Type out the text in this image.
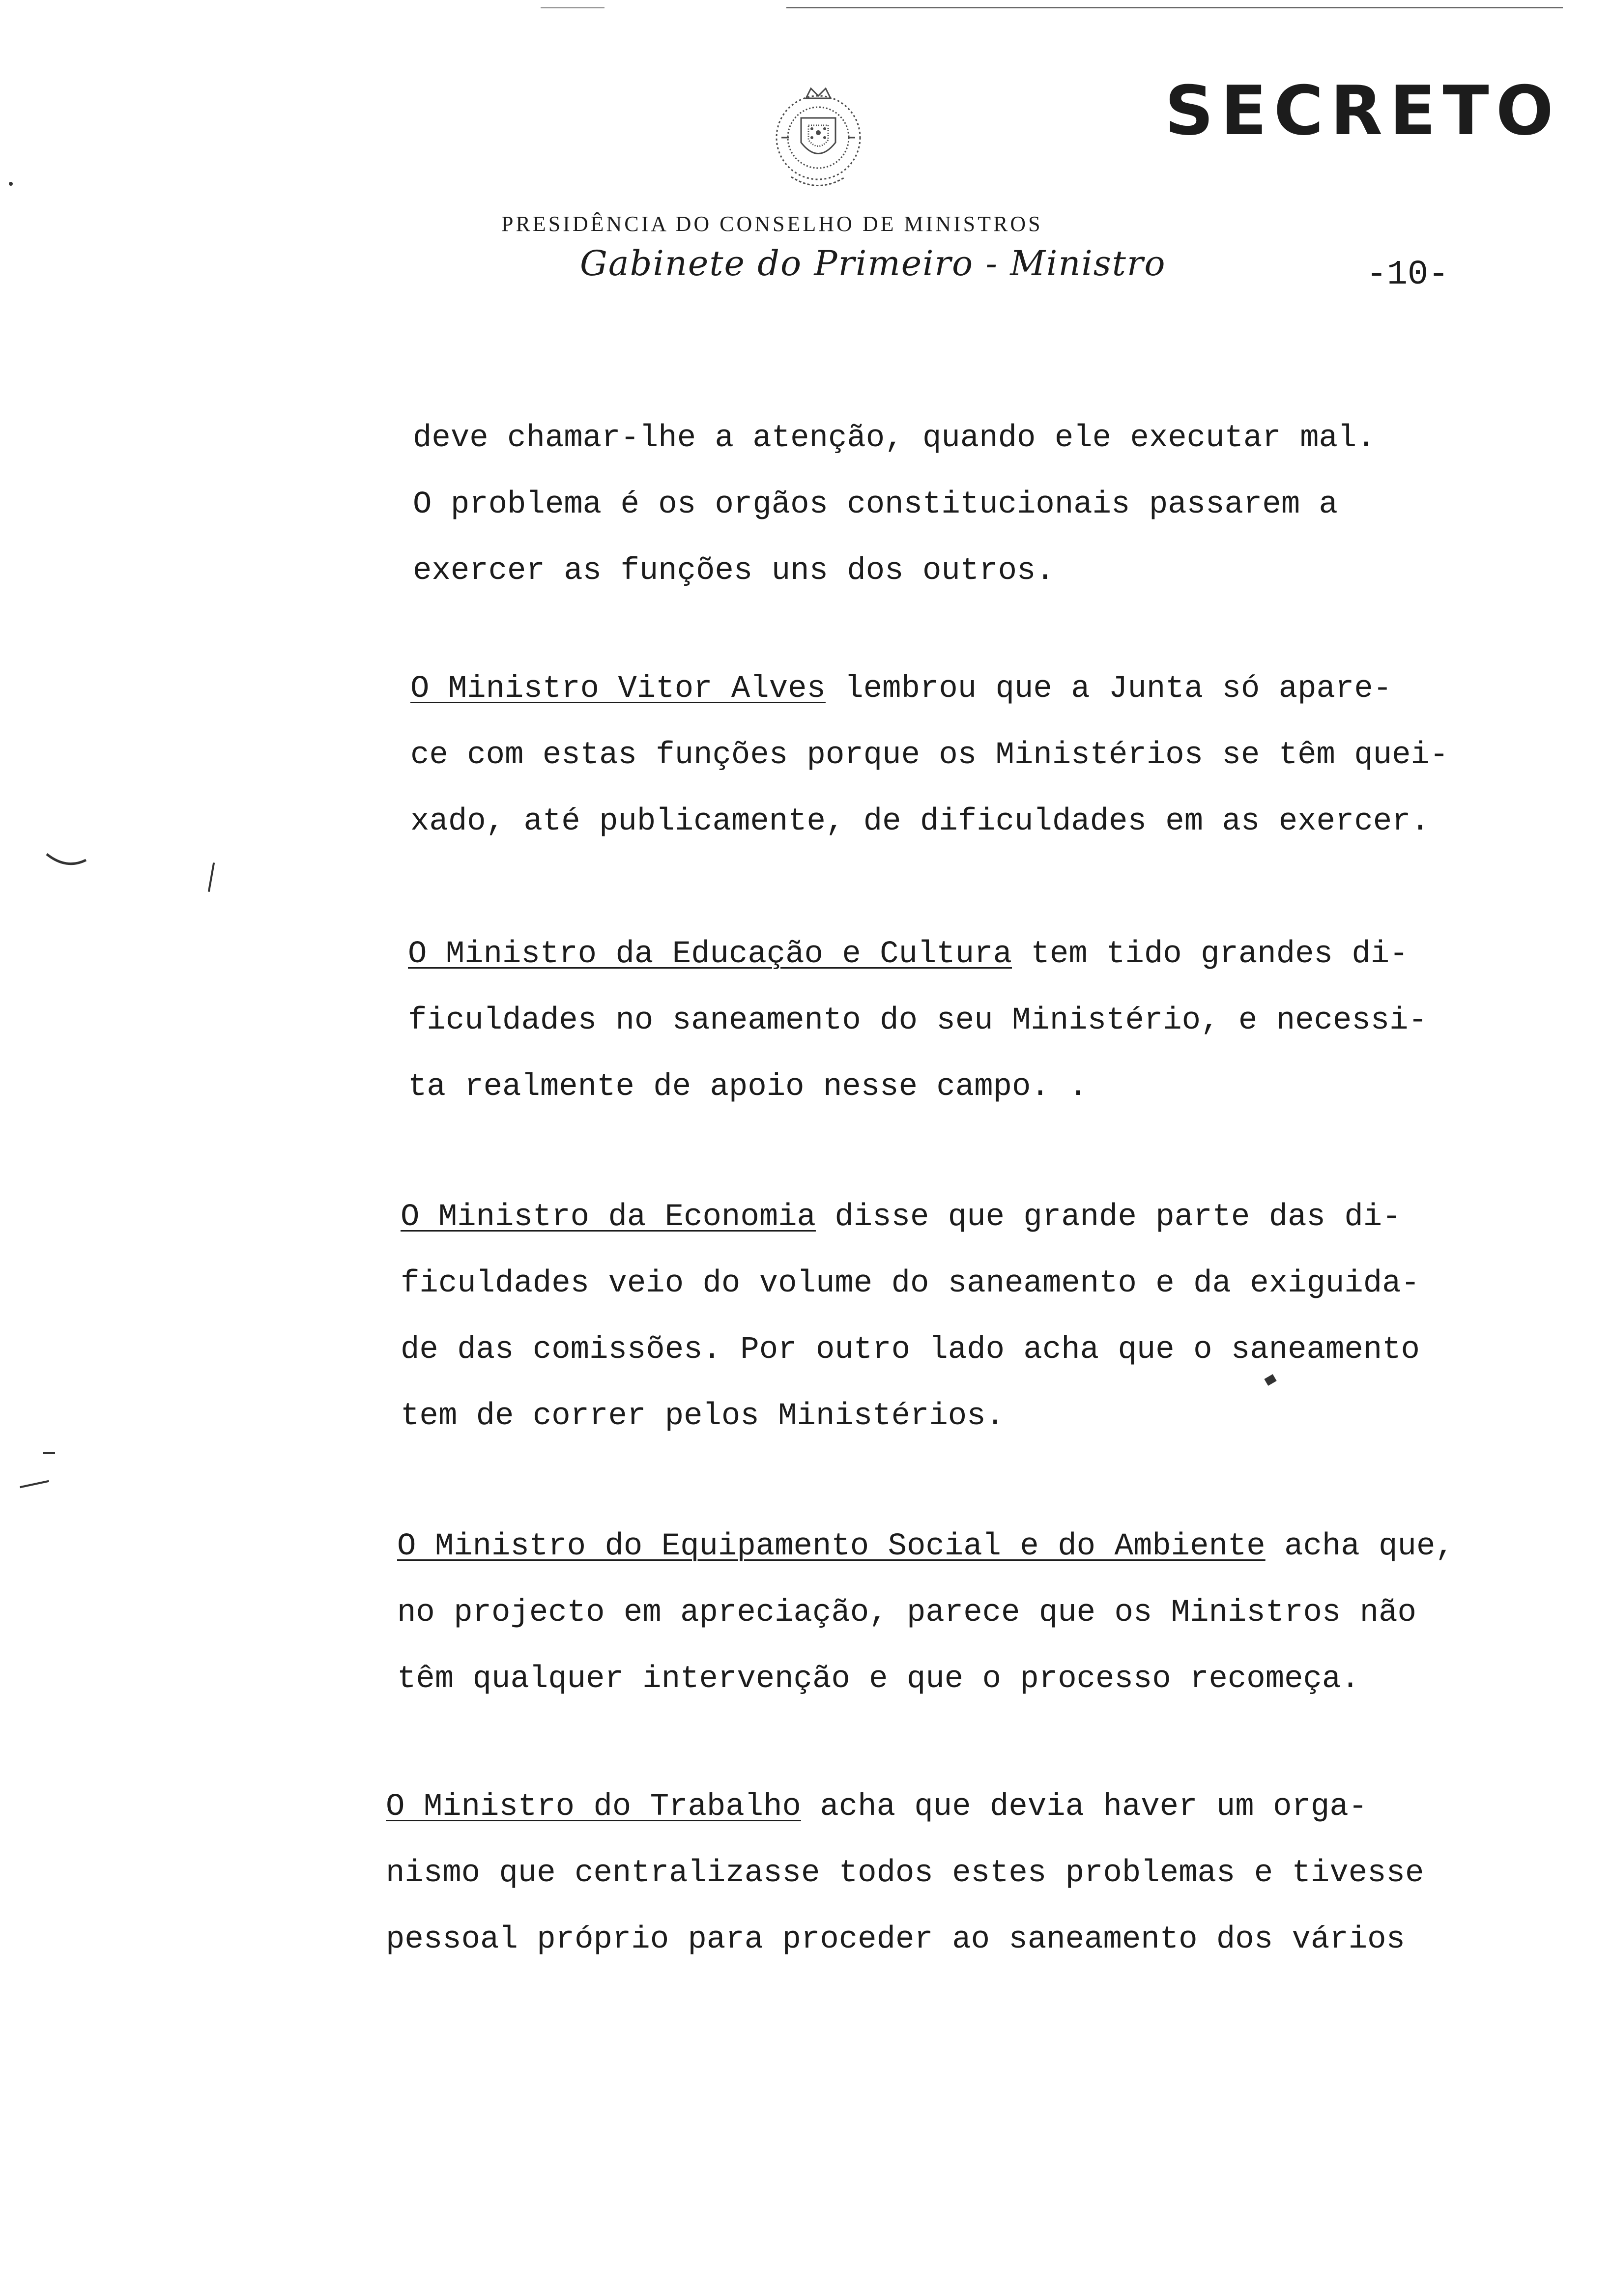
SECRETO
PRESIDÊNCIA DO CONSELHO DE MINISTROS
Gabinete do Primeiro - Ministro	-10-
deve chamar-lhe a atenção, quando ele executar mal.
O problema é os orgãos constitucionais passarem a
exercer as funções uns dos outros.
O Ministro Vitor Alves lembrou que a Junta só apare-
ce com estas funções porque os Ministérios se têm quei-
xado, até publicamente, de dificuldades em as exercer.
O Ministro da Educação e Cultura tem tido grandes di-
ficuldades no saneamento do seu Ministério, e necessi-
ta realmente de apoio nesse campo. .
O Ministro da Economia disse que grande parte das di-
ficuldades veio do volume do saneamento e da exiguida-
de das comissões. Por outro lado acha que o saneamento
tem de correr pelos Ministérios.
O Ministro do Equipamento Social e do Ambiente acha que,
no projecto em apreciação, parece que os Ministros não
têm qualquer intervenção e que o processo recomeça.
O Ministro do Trabalho acha que devia haver um orga-
nismo que centralizasse todos estes problemas e tivesse
pessoal próprio para proceder ao saneamento dos vários
